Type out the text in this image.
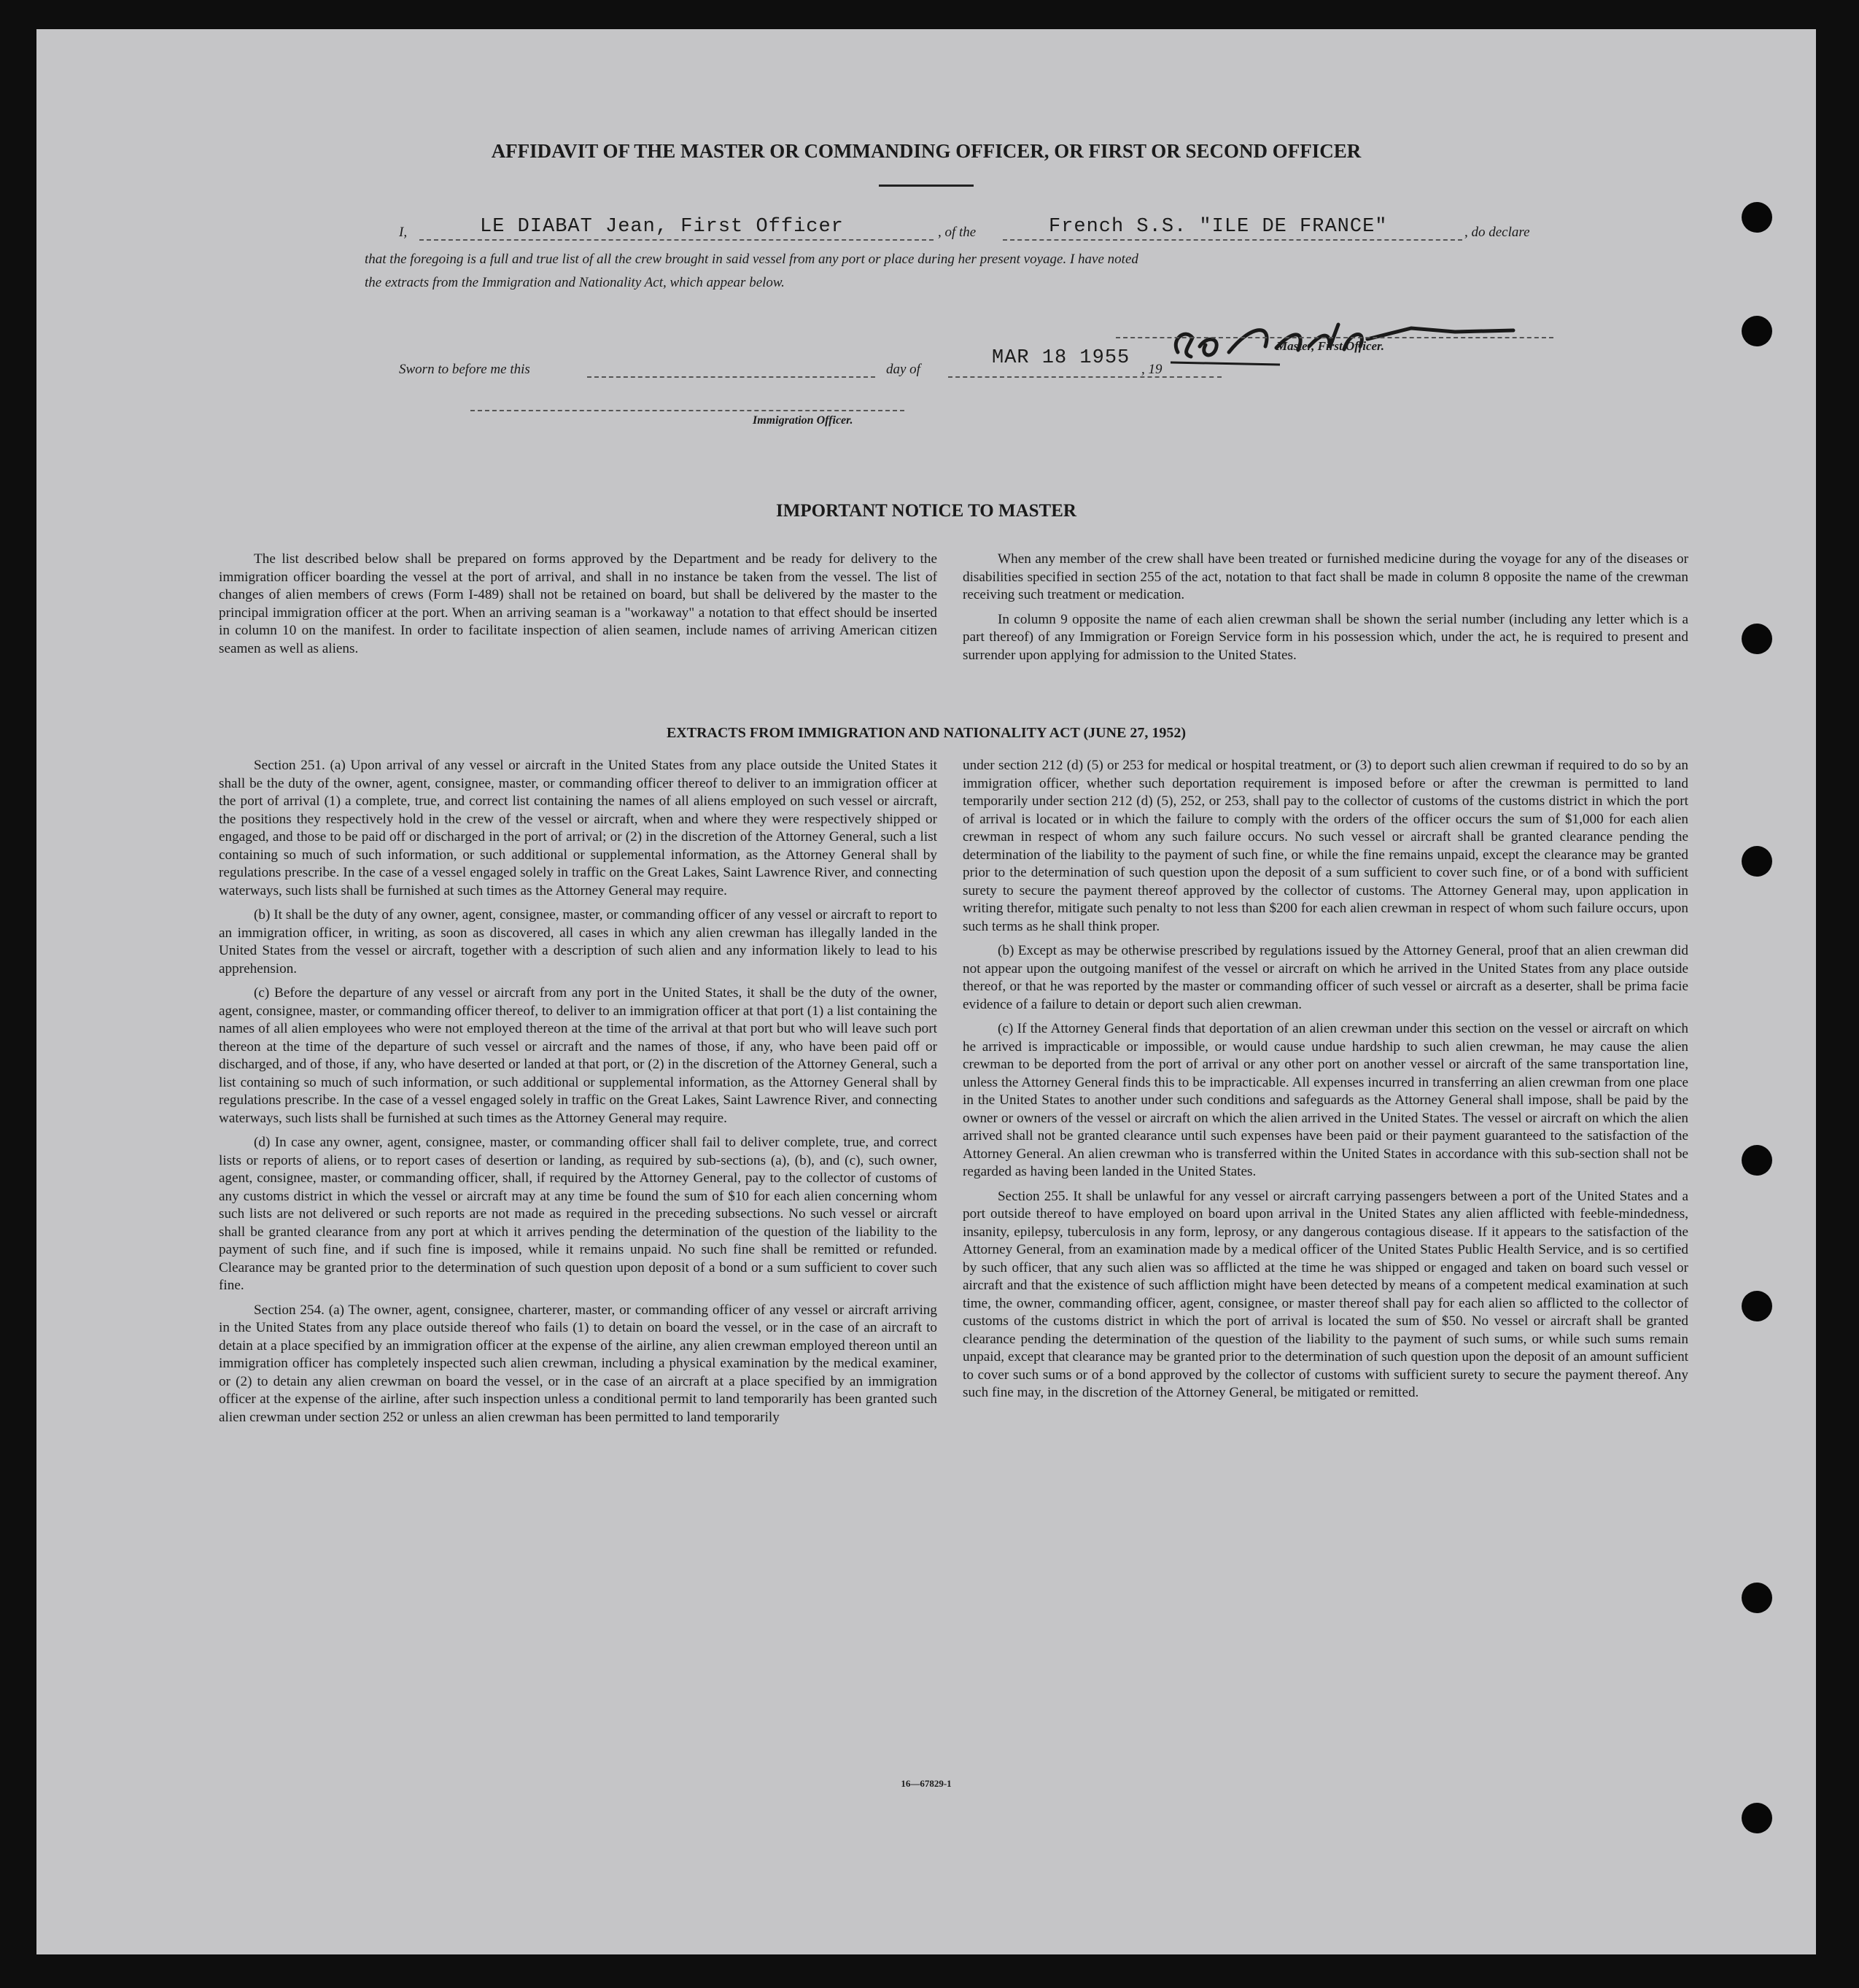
AFFIDAVIT OF THE MASTER OR COMMANDING OFFICER, OR FIRST OR SECOND OFFICER
I,	LE DIABAT Jean, First Officer	, of the	French S.S. "ILE DE FRANCE"	, do declare
that the foregoing is a full and true list of all the crew brought in said vessel from any port or place during her present voyage. I have noted
the extracts from the Immigration and Nationality Act, which appear below.
Master, First Officer.
Sworn to before me this	day of
MAR 18 1955
, 19
Immigration Officer.
IMPORTANT NOTICE TO MASTER

The list described below shall be prepared on forms approved by the Department and be ready for delivery to the immigration officer boarding the vessel at the port of arrival, and shall in no instance be taken from the vessel. The list of changes of alien members of crews (Form I-489) shall not be retained on board, but shall be delivered by the master to the principal immigration officer at the port. When an arriving seaman is a "workaway" a notation to that effect should be inserted in column 10 on the manifest. In order to facilitate inspection of alien seamen, include names of arriving American citizen seamen as well as aliens.

When any member of the crew shall have been treated or furnished medicine during the voyage for any of the diseases or disabilities specified in section 255 of the act, notation to that fact shall be made in column 8 opposite the name of the crewman receiving such treatment or medication.

In column 9 opposite the name of each alien crewman shall be shown the serial number (including any letter which is a part thereof) of any Immigration or Foreign Service form in his possession which, under the act, he is required to present and surrender upon applying for admission to the United States.

EXTRACTS FROM IMMIGRATION AND NATIONALITY ACT (JUNE 27, 1952)

Section 251. (a) Upon arrival of any vessel or aircraft in the United States from any place outside the United States it shall be the duty of the owner, agent, consignee, master, or commanding officer thereof to deliver to an immigration officer at the port of arrival (1) a complete, true, and correct list containing the names of all aliens employed on such vessel or aircraft, the positions they respectively hold in the crew of the vessel or aircraft, when and where they were respectively shipped or engaged, and those to be paid off or discharged in the port of arrival; or (2) in the discretion of the Attorney General, such a list containing so much of such information, or such additional or supplemental information, as the Attorney General shall by regulations prescribe. In the case of a vessel engaged solely in traffic on the Great Lakes, Saint Lawrence River, and connecting waterways, such lists shall be furnished at such times as the Attorney General may require.

(b) It shall be the duty of any owner, agent, consignee, master, or commanding officer of any vessel or aircraft to report to an immigration officer, in writing, as soon as discovered, all cases in which any alien crewman has illegally landed in the United States from the vessel or aircraft, together with a description of such alien and any information likely to lead to his apprehension.

(c) Before the departure of any vessel or aircraft from any port in the United States, it shall be the duty of the owner, agent, consignee, master, or commanding officer thereof, to deliver to an immigration officer at that port (1) a list containing the names of all alien employees who were not employed thereon at the time of the arrival at that port but who will leave such port thereon at the time of the departure of such vessel or aircraft and the names of those, if any, who have been paid off or discharged, and of those, if any, who have deserted or landed at that port, or (2) in the discretion of the Attorney General, such a list containing so much of such information, or such additional or supplemental information, as the Attorney General shall by regulations prescribe. In the case of a vessel engaged solely in traffic on the Great Lakes, Saint Lawrence River, and connecting waterways, such lists shall be furnished at such times as the Attorney General may require.

(d) In case any owner, agent, consignee, master, or commanding officer shall fail to deliver complete, true, and correct lists or reports of aliens, or to report cases of desertion or landing, as required by sub-sections (a), (b), and (c), such owner, agent, consignee, master, or commanding officer, shall, if required by the Attorney General, pay to the collector of customs of any customs district in which the vessel or aircraft may at any time be found the sum of $10 for each alien concerning whom such lists are not delivered or such reports are not made as required in the preceding subsections. No such vessel or aircraft shall be granted clearance from any port at which it arrives pending the determination of the question of the liability to the payment of such fine, and if such fine is imposed, while it remains unpaid. No such fine shall be remitted or refunded. Clearance may be granted prior to the determination of such question upon deposit of a bond or a sum sufficient to cover such fine.

Section 254. (a) The owner, agent, consignee, charterer, master, or commanding officer of any vessel or aircraft arriving in the United States from any place outside thereof who fails (1) to detain on board the vessel, or in the case of an aircraft to detain at a place specified by an immigration officer at the expense of the airline, any alien crewman employed thereon until an immigration officer has completely inspected such alien crewman, including a physical examination by the medical examiner, or (2) to detain any alien crewman on board the vessel, or in the case of an aircraft at a place specified by an immigration officer at the expense of the airline, after such inspection unless a conditional permit to land temporarily has been granted such alien crewman under section 252 or unless an alien crewman has been permitted to land temporarily

under section 212 (d) (5) or 253 for medical or hospital treatment, or (3) to deport such alien crewman if required to do so by an immigration officer, whether such deportation requirement is imposed before or after the crewman is permitted to land temporarily under section 212 (d) (5), 252, or 253, shall pay to the collector of customs of the customs district in which the port of arrival is located or in which the failure to comply with the orders of the officer occurs the sum of $1,000 for each alien crewman in respect of whom any such failure occurs. No such vessel or aircraft shall be granted clearance pending the determination of the liability to the payment of such fine, or while the fine remains unpaid, except the clearance may be granted prior to the determination of such question upon the deposit of a sum sufficient to cover such fine, or of a bond with sufficient surety to secure the payment thereof approved by the collector of customs. The Attorney General may, upon application in writing therefor, mitigate such penalty to not less than $200 for each alien crewman in respect of whom such failure occurs, upon such terms as he shall think proper.

(b) Except as may be otherwise prescribed by regulations issued by the Attorney General, proof that an alien crewman did not appear upon the outgoing manifest of the vessel or aircraft on which he arrived in the United States from any place outside thereof, or that he was reported by the master or commanding officer of such vessel or aircraft as a deserter, shall be prima facie evidence of a failure to detain or deport such alien crewman.

(c) If the Attorney General finds that deportation of an alien crewman under this section on the vessel or aircraft on which he arrived is impracticable or impossible, or would cause undue hardship to such alien crewman, he may cause the alien crewman to be deported from the port of arrival or any other port on another vessel or aircraft of the same transportation line, unless the Attorney General finds this to be impracticable. All expenses incurred in transferring an alien crewman from one place in the United States to another under such conditions and safeguards as the Attorney General shall impose, shall be paid by the owner or owners of the vessel or aircraft on which the alien arrived in the United States. The vessel or aircraft on which the alien arrived shall not be granted clearance until such expenses have been paid or their payment guaranteed to the satisfaction of the Attorney General. An alien crewman who is transferred within the United States in accordance with this sub-section shall not be regarded as having been landed in the United States.

Section 255. It shall be unlawful for any vessel or aircraft carrying passengers between a port of the United States and a port outside thereof to have employed on board upon arrival in the United States any alien afflicted with feeble-mindedness, insanity, epilepsy, tuberculosis in any form, leprosy, or any dangerous contagious disease. If it appears to the satisfaction of the Attorney General, from an examination made by a medical officer of the United States Public Health Service, and is so certified by such officer, that any such alien was so afflicted at the time he was shipped or engaged and taken on board such vessel or aircraft and that the existence of such affliction might have been detected by means of a competent medical examination at such time, the owner, commanding officer, agent, consignee, or master thereof shall pay for each alien so afflicted to the collector of customs of the customs district in which the port of arrival is located the sum of $50. No vessel or aircraft shall be granted clearance pending the determination of the question of the liability to the payment of such sums, or while such sums remain unpaid, except that clearance may be granted prior to the determination of such question upon the deposit of an amount sufficient to cover such sums or of a bond approved by the collector of customs with sufficient surety to secure the payment thereof. Any such fine may, in the discretion of the Attorney General, be mitigated or remitted.

16—67829-1
